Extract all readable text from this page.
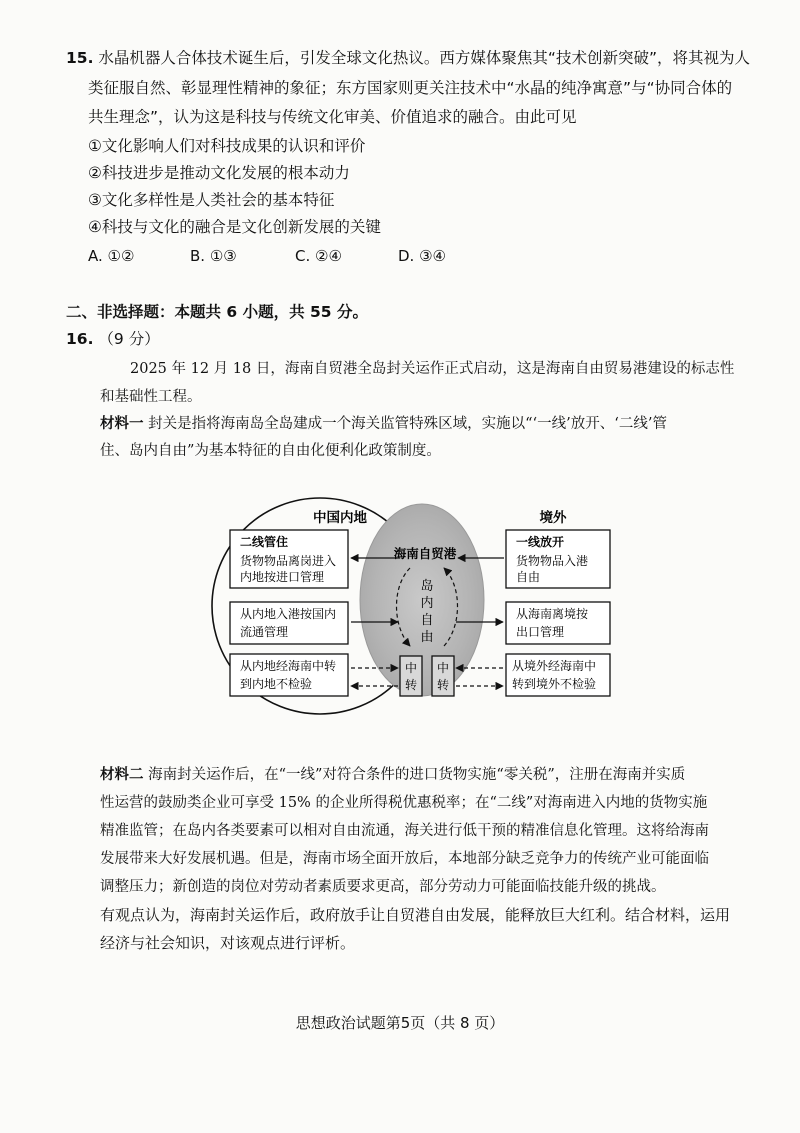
15. 水晶机器人合体技术诞生后，引发全球文化热议。西方媒体聚焦其“技术创新突破”，将其视为人
类征服自然、彰显理性精神的象征；东方国家则更关注技术中“水晶的纯净寓意”与“协同合体的
共生理念”，认为这是科技与传统文化审美、价值追求的融合。由此可见
①文化影响人们对科技成果的认识和评价
②科技进步是推动文化发展的根本动力
③文化多样性是人类社会的基本特征
④科技与文化的融合是文化创新发展的关键
A. ①②	B. ①③	C. ②④	D. ③④
二、非选择题：本题共 6 小题，共 55 分。
16. （9 分）
2025 年 12 月 18 日，海南自贸港全岛封关运作正式启动，这是海南自由贸易港建设的标志性
和基础性工程。
材料一 封关是指将海南岛全岛建成一个海关监管特殊区域，实施以“‘一线’放开、‘二线’管
住、岛内自由”为基本特征的自由化便利化政策制度。
中国内地	境外
海南自贸港
岛
内
自
由
二线管住
货物物品离岗进入
内地按进口管理
从内地入港按国内
流通管理
从内地经海南中转
到内地不检验
一线放开
货物物品入港
自由
从海南离境按
出口管理
从境外经海南中
转到境外不检验
中
转
中
转
材料二 海南封关运作后，在“一线”对符合条件的进口货物实施“零关税”，注册在海南并实质
性运营的鼓励类企业可享受 15% 的企业所得税优惠税率；在“二线”对海南进入内地的货物实施
精准监管；在岛内各类要素可以相对自由流通，海关进行低干预的精准信息化管理。这将给海南
发展带来大好发展机遇。但是，海南市场全面开放后，本地部分缺乏竞争力的传统产业可能面临
调整压力；新创造的岗位对劳动者素质要求更高，部分劳动力可能面临技能升级的挑战。
有观点认为，海南封关运作后，政府放手让自贸港自由发展，能释放巨大红利。结合材料，运用
经济与社会知识，对该观点进行评析。
思想政治试题第5页（共 8 页）
